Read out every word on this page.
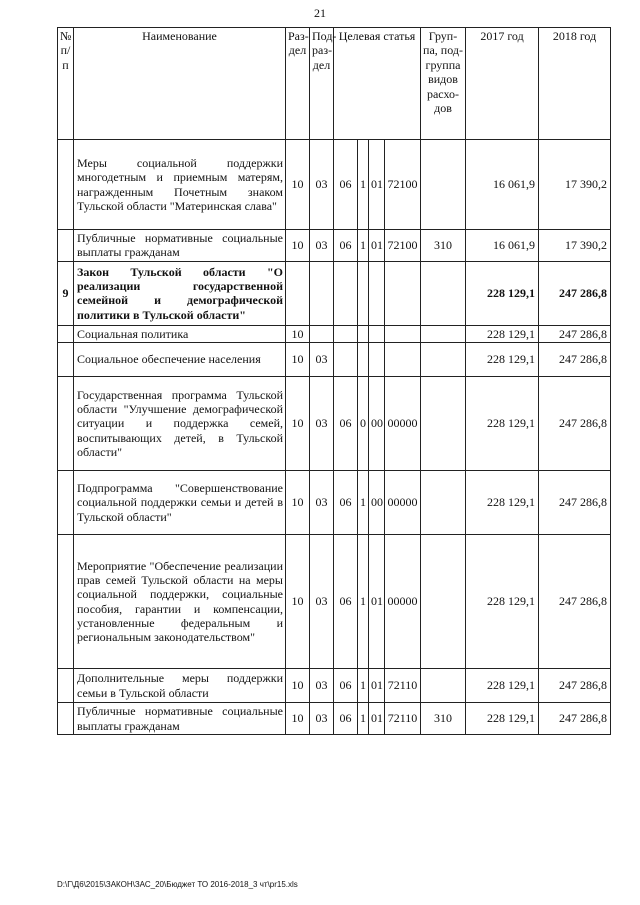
21
№ п/п	Наименование	Раз-дел	Под-раз-дел	Целевая статья				Груп-па, под-группа видов расхо-дов	2017 год	2018 год
	Меры социальной поддержки многодетным и приемным матерям, награжденным Почетным знаком Тульской области "Материнская слава"	10	03	06	1	01	72100		16 061,9	17 390,2
	Публичные нормативные социальные выплаты гражданам	10	03	06	1	01	72100	310	16 061,9	17 390,2
9	Закон Тульской области "О реализации государственной семейной и демографической политики в Тульской области"								228 129,1	247 286,8
	Социальная политика	10							228 129,1	247 286,8
	Социальное обеспечение населения	10	03						228 129,1	247 286,8
	Государственная программа Тульской области "Улучшение демографической ситуации и поддержка семей, воспитывающих детей, в Тульской области"	10	03	06	0	00	00000		228 129,1	247 286,8
	Подпрограмма "Совершенствование социальной поддержки семьи и детей в Тульской области"	10	03	06	1	00	00000		228 129,1	247 286,8
	Мероприятие "Обеспечение реализации прав семей Тульской области на меры социальной поддержки, социальные пособия, гарантии и компенсации, установленные федеральным и региональным законодательством"	10	03	06	1	01	00000		228 129,1	247 286,8
	Дополнительные меры поддержки семьи в Тульской области	10	03	06	1	01	72110		228 129,1	247 286,8
	Публичные нормативные социальные выплаты гражданам	10	03	06	1	01	72110	310	228 129,1	247 286,8
D:\Г\Д6\2015\ЗАКОН\ЗАС_20\Бюджет ТО 2016-2018_3 чт\pr15.xls
